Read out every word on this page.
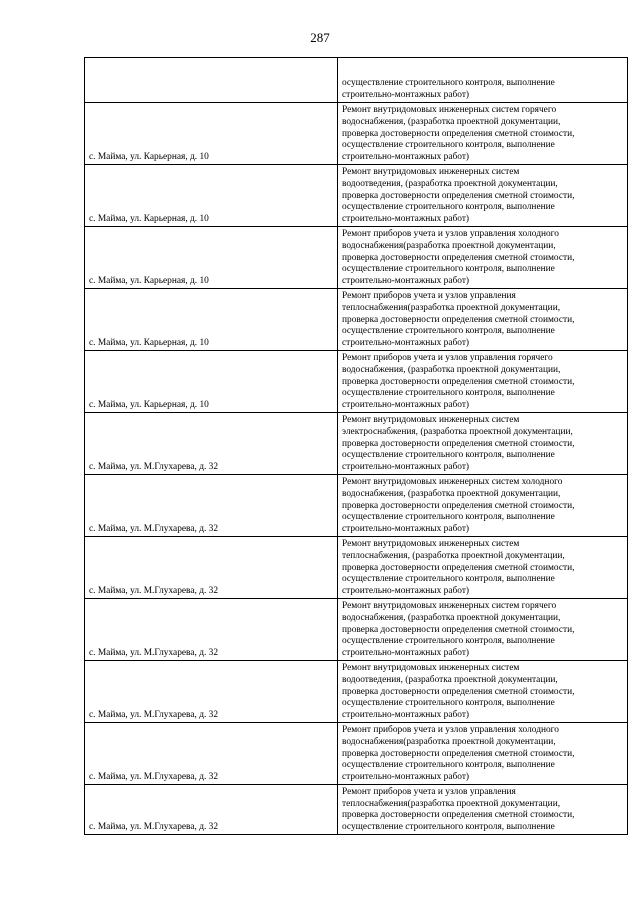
287
	осуществление строительного контроля, выполнение
строительно-монтажных работ)
с. Майма, ул. Карьерная, д. 10	Ремонт внутридомовых инженерных систем горячего
водоснабжения, (разработка проектной документации,
проверка достоверности определения сметной стоимости,
осуществление строительного контроля, выполнение
строительно-монтажных работ)
с. Майма, ул. Карьерная, д. 10	Ремонт внутридомовых инженерных систем
водоотведения, (разработка проектной документации,
проверка достоверности определения сметной стоимости,
осуществление строительного контроля, выполнение
строительно-монтажных работ)
с. Майма, ул. Карьерная, д. 10	Ремонт приборов учета и узлов управления холодного
водоснабжения(разработка проектной документации,
проверка достоверности определения сметной стоимости,
осуществление строительного контроля, выполнение
строительно-монтажных работ)
с. Майма, ул. Карьерная, д. 10	Ремонт приборов учета и узлов управления
теплоснабжения(разработка проектной документации,
проверка достоверности определения сметной стоимости,
осуществление строительного контроля, выполнение
строительно-монтажных работ)
с. Майма, ул. Карьерная, д. 10	Ремонт приборов учета и узлов управления горячего
водоснабжения, (разработка проектной документации,
проверка достоверности определения сметной стоимости,
осуществление строительного контроля, выполнение
строительно-монтажных работ)
с. Майма, ул. М.Глухарева, д. 32	Ремонт внутридомовых инженерных систем
электроснабжения, (разработка проектной документации,
проверка достоверности определения сметной стоимости,
осуществление строительного контроля, выполнение
строительно-монтажных работ)
с. Майма, ул. М.Глухарева, д. 32	Ремонт внутридомовых инженерных систем холодного
водоснабжения, (разработка проектной документации,
проверка достоверности определения сметной стоимости,
осуществление строительного контроля, выполнение
строительно-монтажных работ)
с. Майма, ул. М.Глухарева, д. 32	Ремонт внутридомовых инженерных систем
теплоснабжения, (разработка проектной документации,
проверка достоверности определения сметной стоимости,
осуществление строительного контроля, выполнение
строительно-монтажных работ)
с. Майма, ул. М.Глухарева, д. 32	Ремонт внутридомовых инженерных систем горячего
водоснабжения, (разработка проектной документации,
проверка достоверности определения сметной стоимости,
осуществление строительного контроля, выполнение
строительно-монтажных работ)
с. Майма, ул. М.Глухарева, д. 32	Ремонт внутридомовых инженерных систем
водоотведения, (разработка проектной документации,
проверка достоверности определения сметной стоимости,
осуществление строительного контроля, выполнение
строительно-монтажных работ)
с. Майма, ул. М.Глухарева, д. 32	Ремонт приборов учета и узлов управления холодного
водоснабжения(разработка проектной документации,
проверка достоверности определения сметной стоимости,
осуществление строительного контроля, выполнение
строительно-монтажных работ)
с. Майма, ул. М.Глухарева, д. 32	Ремонт приборов учета и узлов управления
теплоснабжения(разработка проектной документации,
проверка достоверности определения сметной стоимости,
осуществление строительного контроля, выполнение
